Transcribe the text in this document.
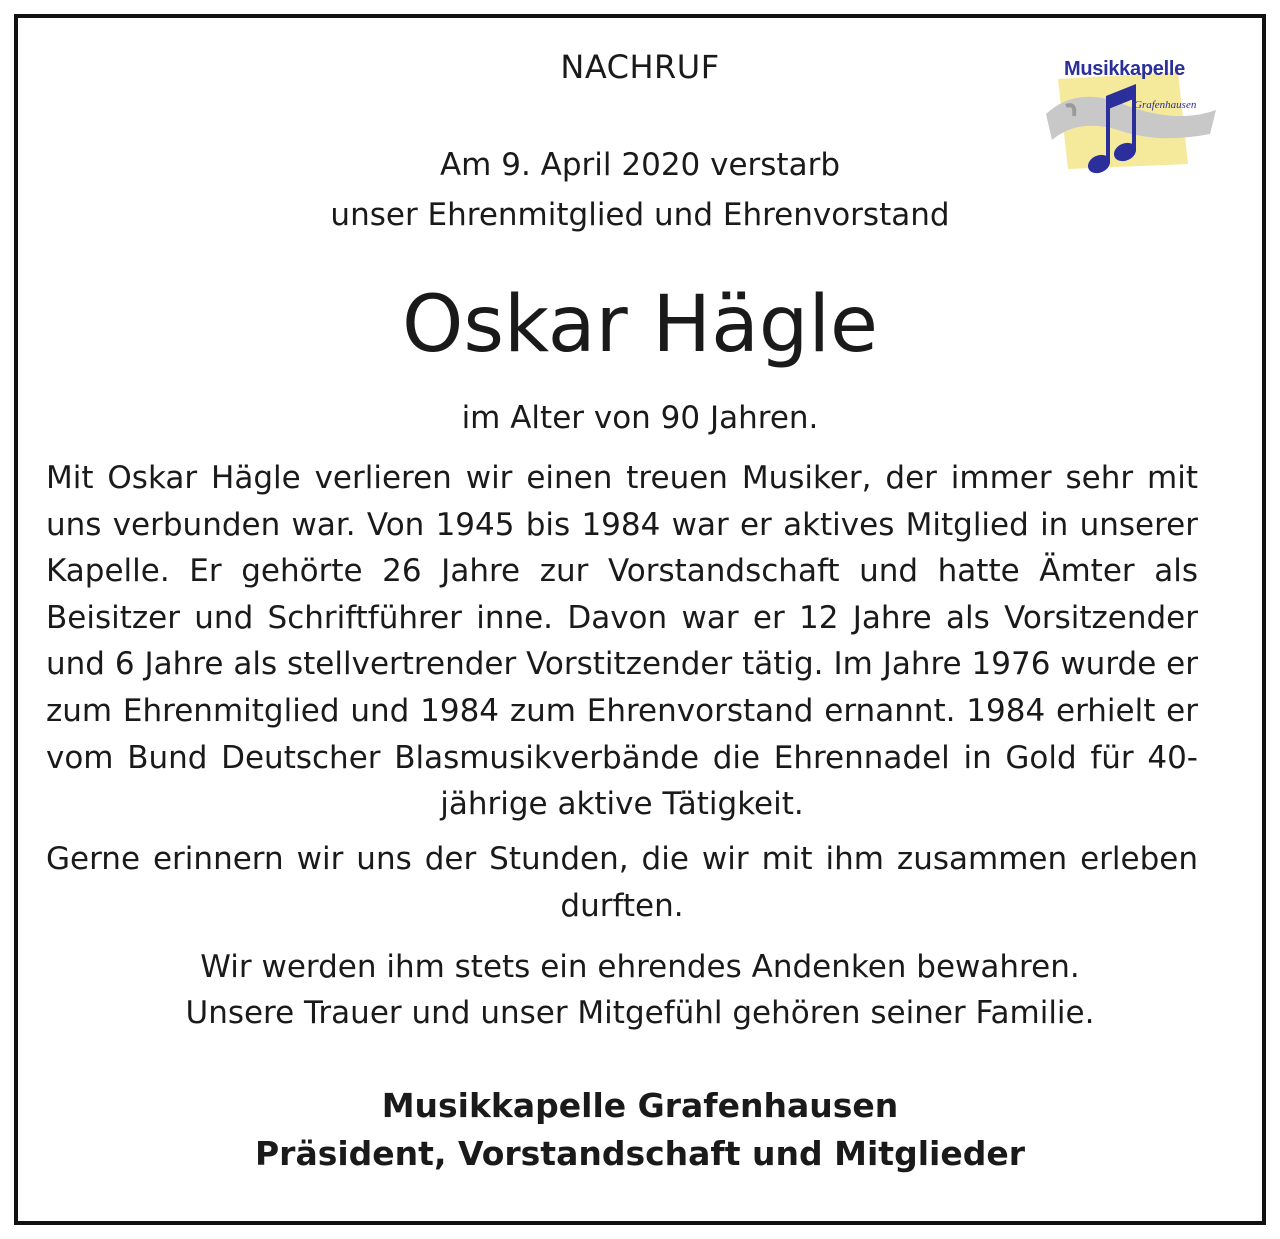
Grafenhausen
Musikkapelle
NACHRUF
Am 9. April 2020 verstarb
unser Ehrenmitglied und Ehrenvorstand
Oskar Hägle
im Alter von 90 Jahren.
Mit Oskar Hägle verlieren wir einen treuen Musiker, der immer sehr mit uns verbunden war. Von 1945 bis 1984 war er aktives Mitglied in unserer Kapelle. Er gehörte 26 Jahre zur Vorstandschaft und hatte Ämter als Beisitzer und Schriftführer inne. Davon war er 12 Jahre als Vorsitzender und 6 Jahre als stellvertrender Vorstitzender tätig. Im Jahre 1976 wurde er zum Ehrenmitglied und 1984 zum Ehrenvorstand ernannt. 1984 erhielt er vom Bund Deutscher Blasmusikverbände die Ehrennadel in Gold für 40-jährige aktive Tätigkeit.
Gerne erinnern wir uns der Stunden, die wir mit ihm zusammen erleben durften.
Wir werden ihm stets ein ehrendes Andenken bewahren.
Unsere Trauer und unser Mitgefühl gehören seiner Familie.
Musikkapelle Grafenhausen
Präsident, Vorstandschaft und Mitglieder
